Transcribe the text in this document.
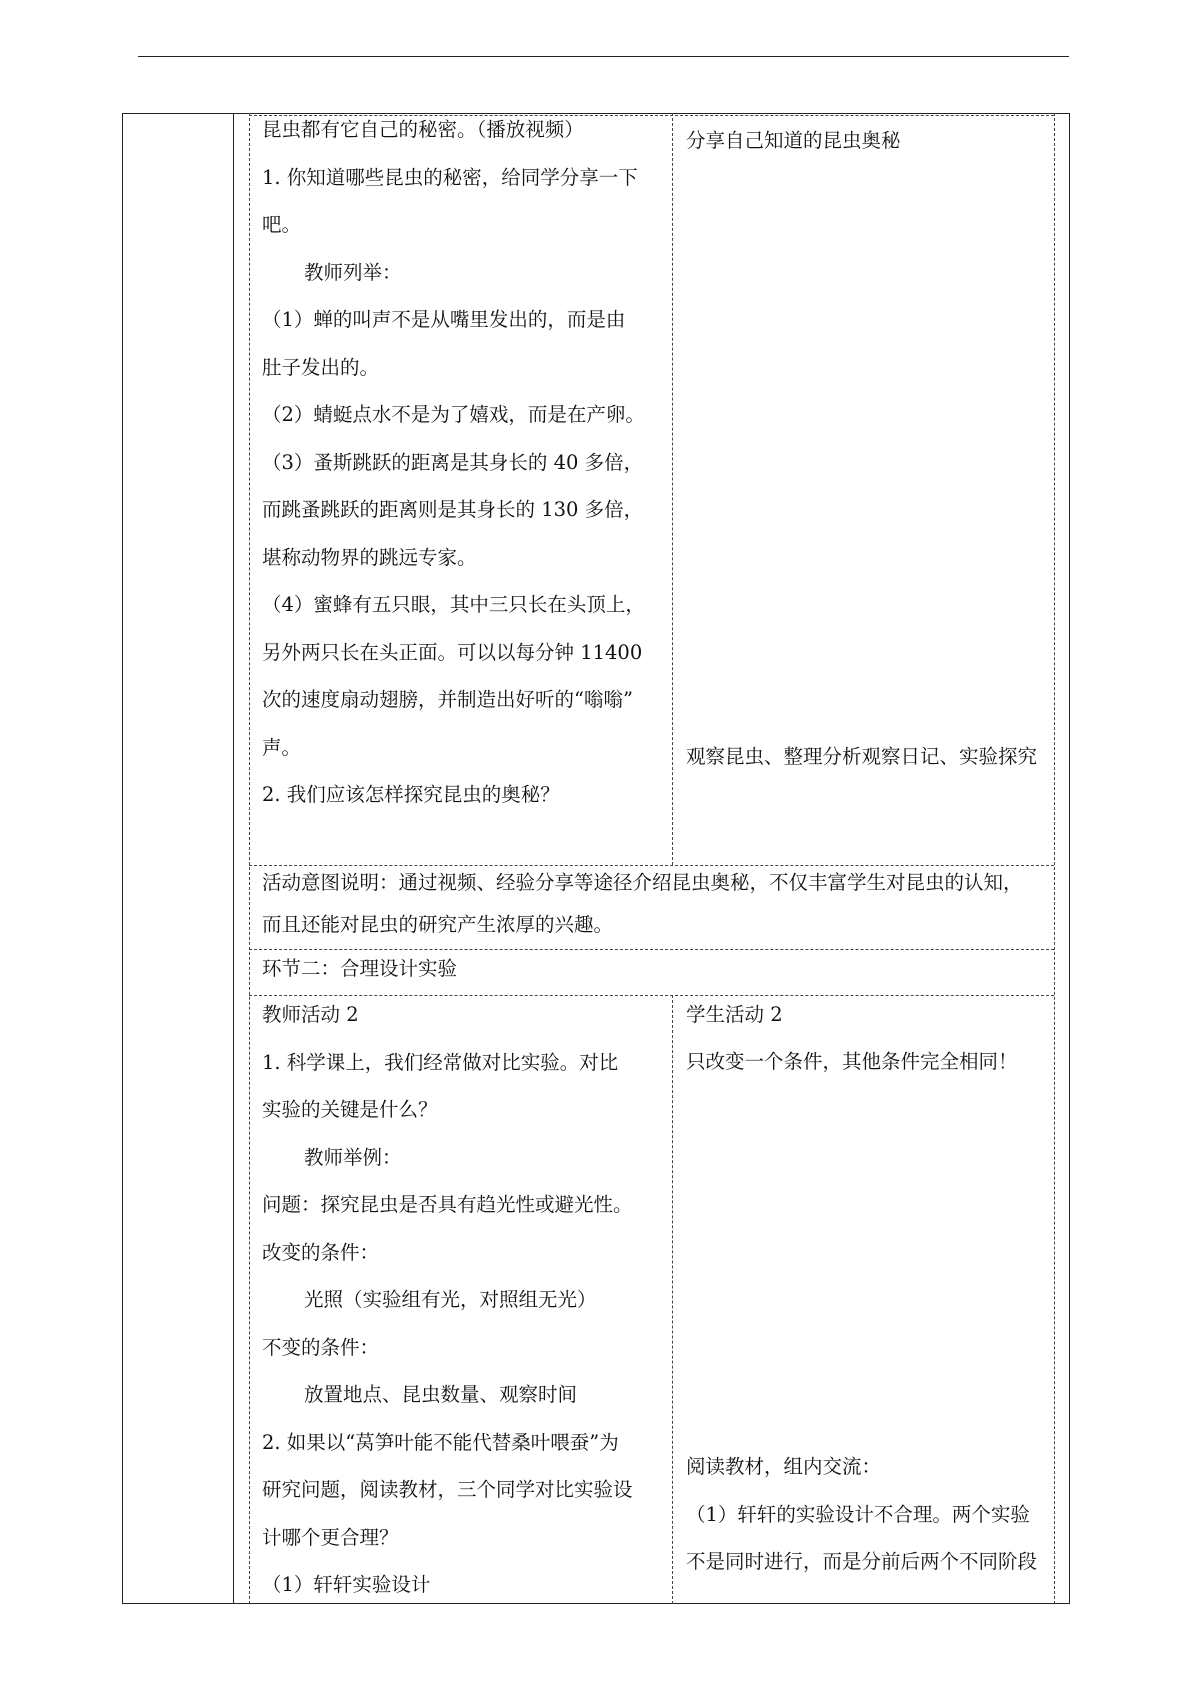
昆虫都有它自己的秘密。（播放视频）
1. 你知道哪些昆虫的秘密，给同学分享一下
吧。
教师列举：
（1）蝉的叫声不是从嘴里发出的，而是由
肚子发出的。
（2）蜻蜓点水不是为了嬉戏，而是在产卵。
（3）蚤斯跳跃的距离是其身长的 40 多倍，
而跳蚤跳跃的距离则是其身长的 130 多倍，
堪称动物界的跳远专家。
（4）蜜蜂有五只眼，其中三只长在头顶上，
另外两只长在头正面。可以以每分钟 11400
次的速度扇动翅膀，并制造出好听的“嗡嗡”
声。
2. 我们应该怎样探究昆虫的奥秘？
分享自己知道的昆虫奥秘
观察昆虫、整理分析观察日记、实验探究
活动意图说明：通过视频、经验分享等途径介绍昆虫奥秘，不仅丰富学生对昆虫的认知，
而且还能对昆虫的研究产生浓厚的兴趣。
环节二：合理设计实验
教师活动 2
1. 科学课上，我们经常做对比实验。对比
实验的关键是什么？
教师举例：
问题：探究昆虫是否具有趋光性或避光性。
改变的条件：
光照（实验组有光，对照组无光）
不变的条件：
放置地点、昆虫数量、观察时间
2. 如果以“莴笋叶能不能代替桑叶喂蚕”为
研究问题，阅读教材，三个同学对比实验设
计哪个更合理？
（1）轩轩实验设计
学生活动 2
只改变一个条件，其他条件完全相同！
阅读教材，组内交流：
（1）轩轩的实验设计不合理。两个实验
不是同时进行，而是分前后两个不同阶段
